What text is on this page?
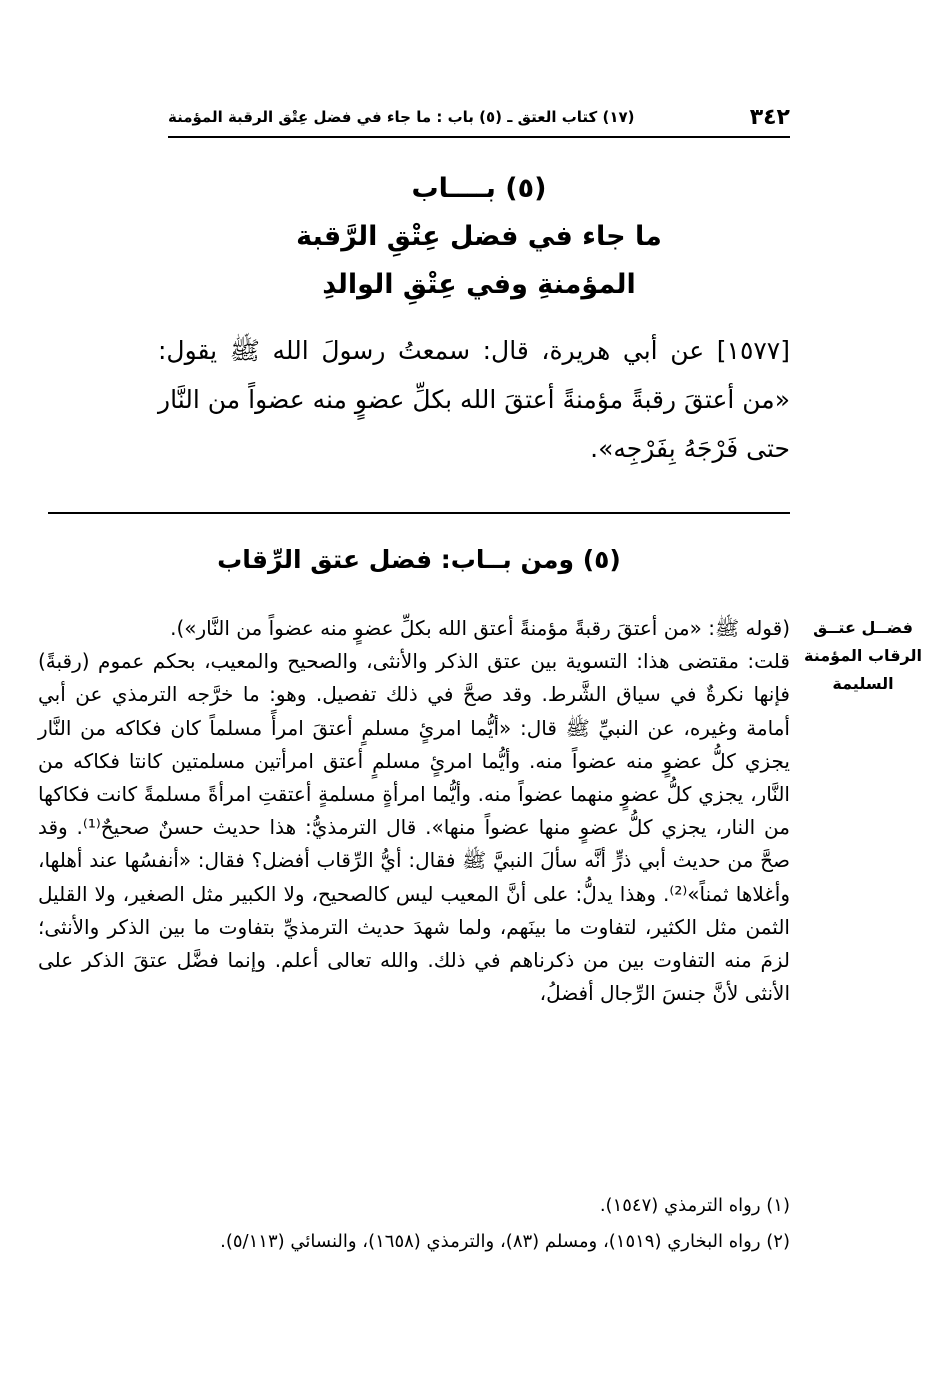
٣٤٢
(١٧) كتاب العتق ـ (٥) باب : ما جاء في فضل عِتْق الرقبة المؤمنة
(٥) بــــاب
ما جاء في فضل عِتْقِ الرَّقبة
المؤمنةِ وفي عِتْقِ الوالدِ
[١٥٧٧] عن أبي هريرة، قال: سمعتُ رسولَ الله ﷺ يقول: «من أعتقَ رقبةً مؤمنةً أعتقَ الله بكلِّ عضوٍ منه عضواً من النَّار حتى فَرْجَهُ بِفَرْجِه».
(٥) ومن بــاب: فضل عتق الرِّقاب
فضــل عتــق الرقاب المؤمنة السليمة

(قوله ﷺ: «من أعتقَ رقبةً مؤمنةً أعتق الله بكلِّ عضوٍ منه عضواً من النَّار»).

قلت: مقتضى هذا: التسوية بين عتق الذكر والأنثى، والصحيح والمعيب، بحكم عموم (رقبةً) فإنها نكرةٌ في سياق الشَّرط. وقد صحَّ في ذلك تفصيل. وهو: ما خرَّجه الترمذي عن أبي أمامة وغيره، عن النبيِّ ﷺ قال: «أيُّما امرئٍ مسلمٍ أعتقَ امرأً مسلماً كان فكاكه من النَّار يجزي كلُّ عضوٍ منه عضواً منه. وأيُّما امرئٍ مسلمٍ أعتق امرأتين مسلمتين كانتا فكاكه من النَّار، يجزي كلُّ عضوٍ منهما عضواً منه. وأيُّما امرأةٍ مسلمةٍ أعتقتِ امرأةً مسلمةً كانت فكاكها من النار، يجزي كلُّ عضوٍ منها عضواً منها». قال الترمذيُّ: هذا حديث حسنٌ صحيحٌ⁽¹⁾. وقد صحَّ من حديث أبي ذرٍّ أنَّه سألَ النبيَّ ﷺ فقال: أيُّ الرِّقاب أفضل؟ فقال: «أنفسُها عند أهلها، وأغلاها ثمناً»⁽²⁾. وهذا يدلُّ: على أنَّ المعيب ليس كالصحيح، ولا الكبير مثل الصغير، ولا القليل الثمن مثل الكثير، لتفاوت ما بينَهم، ولما شهدَ حديث الترمذيِّ بتفاوت ما بين الذكر والأنثى؛ لزمَ منه التفاوت بين من ذكرناهم في ذلك. والله تعالى أعلم. وإنما فضَّل عتقَ الذكر على الأنثى لأنَّ جنسَ الرِّجال أفضلُ،

(١) رواه الترمذي (١٥٤٧).

(٢) رواه البخاري (١٥١٩)، ومسلم (٨٣)، والترمذي (١٦٥٨)، والنسائي (٥/١١٣).
